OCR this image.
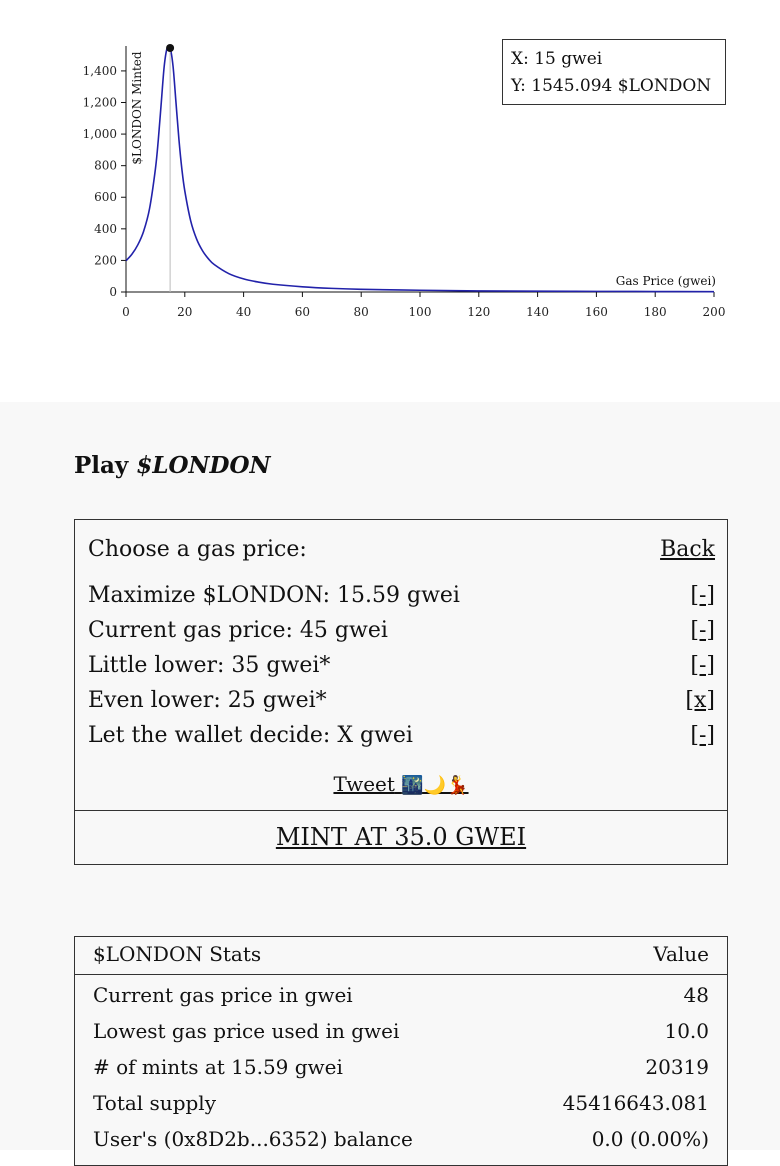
0	20	40	60	80	100	120	140	160	180	200
0
200
400
600
800
1,000
1,200
1,400 $LONDON Minted
Gas Price (gwei)
X: 15 gwei
Y: 1545.094 $LONDON
Play $LONDON
Choose a gas price:	Back
Maximize $LONDON: 15.59 gwei	[-]
Current gas price: 45 gwei	[-]
Little lower: 35 gwei*	[-]
Even lower: 25 gwei*	[x]
Let the wallet decide: X gwei	[-]
Tweet 🌃🌙💃
MINT AT 35.0 GWEI
$LONDON Stats	Value
Current gas price in gwei	48
Lowest gas price used in gwei	10.0
# of mints at 15.59 gwei	20319
Total supply	45416643.081
User's (0x8D2b...6352) balance	0.0 (0.00%)
